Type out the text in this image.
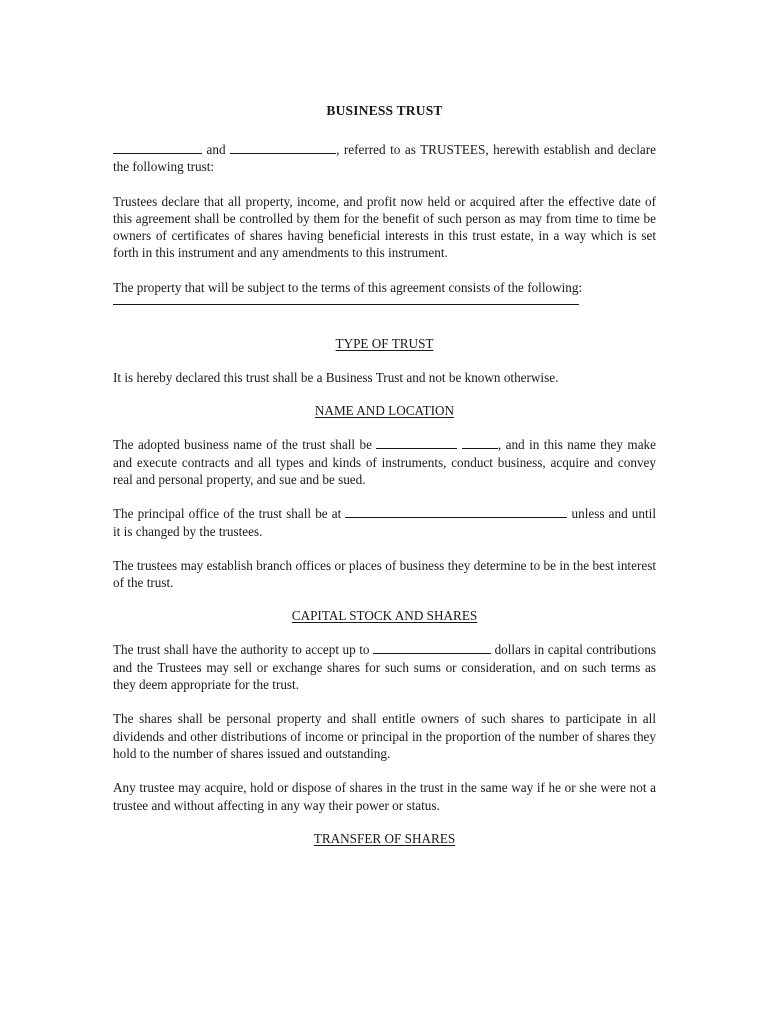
BUSINESS TRUST

and	, referred to as TRUSTEES, herewith establish and declare the following trust:

Trustees declare that all property, income, and profit now held or acquired after the effective date of this agreement shall be controlled by them for the benefit of such person as may from time to time be owners of certificates of shares having beneficial interests in this trust estate, in a way which is set forth in this instrument and any amendments to this instrument.

The property that will be subject to the terms of this agreement consists of the following:

TYPE OF TRUST

It is hereby declared this trust shall be a Business Trust and not be known otherwise.

NAME AND LOCATION

The adopted business name of the trust shall be	, and in this name they make and execute contracts and all types and kinds of instruments, conduct business, acquire and convey real and personal property, and sue and be sued.

The principal office of the trust shall be at	unless and until it is changed by the trustees.

The trustees may establish branch offices or places of business they determine to be in the best interest of the trust.

CAPITAL STOCK AND SHARES

The trust shall have the authority to accept up to	dollars in capital contributions and the Trustees may sell or exchange shares for such sums or consideration, and on such terms as they deem appropriate for the trust.

The shares shall be personal property and shall entitle owners of such shares to participate in all dividends and other distributions of income or principal in the proportion of the number of shares they hold to the number of shares issued and outstanding.

Any trustee may acquire, hold or dispose of shares in the trust in the same way if he or she were not a trustee and without affecting in any way their power or status.

TRANSFER OF SHARES
